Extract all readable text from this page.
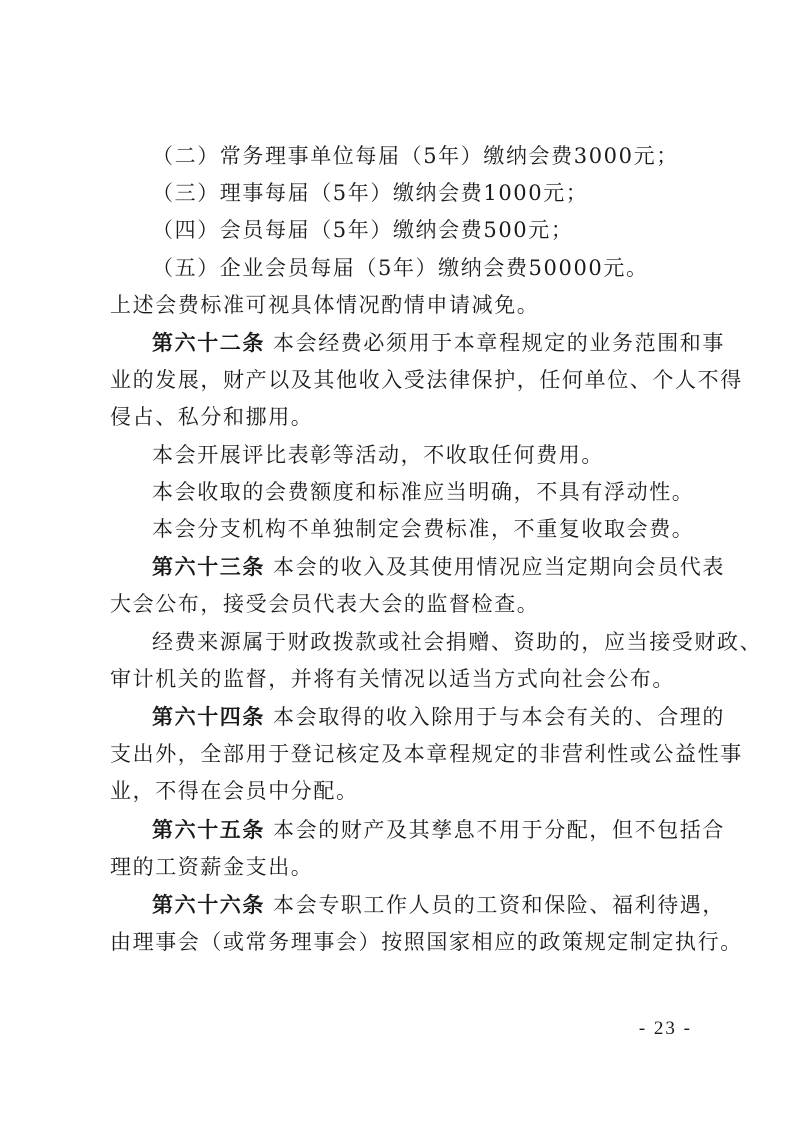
（二）常务理事单位每届（5年）缴纳会费3000元；
（三）理事每届（5年）缴纳会费1000元；
（四）会员每届（5年）缴纳会费500元；
（五）企业会员每届（5年）缴纳会费50000元。
上述会费标准可视具体情况酌情申请减免。
第六十二条 本会经费必须用于本章程规定的业务范围和事
业的发展，财产以及其他收入受法律保护，任何单位、个人不得
侵占、私分和挪用。
本会开展评比表彰等活动，不收取任何费用。
本会收取的会费额度和标准应当明确，不具有浮动性。
本会分支机构不单独制定会费标准，不重复收取会费。
第六十三条 本会的收入及其使用情况应当定期向会员代表
大会公布，接受会员代表大会的监督检查。
经费来源属于财政拨款或社会捐赠、资助的，应当接受财政、
审计机关的监督，并将有关情况以适当方式向社会公布。
第六十四条 本会取得的收入除用于与本会有关的、合理的
支出外，全部用于登记核定及本章程规定的非营利性或公益性事
业，不得在会员中分配。
第六十五条 本会的财产及其孳息不用于分配，但不包括合
理的工资薪金支出。
第六十六条 本会专职工作人员的工资和保险、福利待遇，
由理事会（或常务理事会）按照国家相应的政策规定制定执行。
- 23 -
